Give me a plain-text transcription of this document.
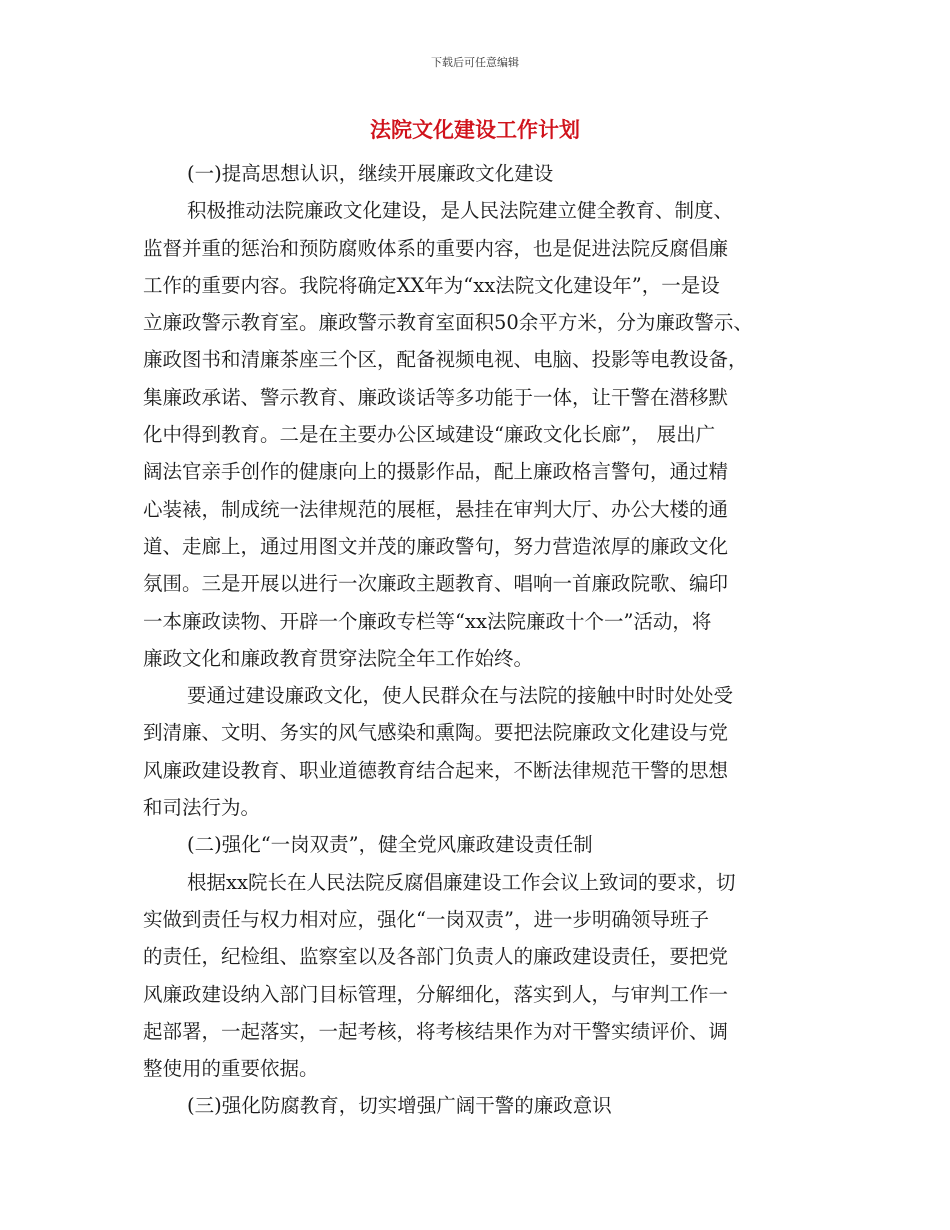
下载后可任意编辑
法院文化建设工作计划
(一)提高思想认识，继续开展廉政文化建设
积极推动法院廉政文化建设，是人民法院建立健全教育、制度、
监督并重的惩治和预防腐败体系的重要内容，也是促进法院反腐倡廉
工作的重要内容。我院将确定XX年为“xx法院文化建设年”，一是设
立廉政警示教育室。廉政警示教育室面积50余平方米，分为廉政警示、
廉政图书和清廉茶座三个区，配备视频电视、电脑、投影等电教设备，
集廉政承诺、警示教育、廉政谈话等多功能于一体，让干警在潜移默
化中得到教育。二是在主要办公区域建设“廉政文化长廊”， 展出广
阔法官亲手创作的健康向上的摄影作品，配上廉政格言警句，通过精
心装裱，制成统一法律规范的展框，悬挂在审判大厅、办公大楼的通
道、走廊上，通过用图文并茂的廉政警句，努力营造浓厚的廉政文化
氛围。三是开展以进行一次廉政主题教育、唱响一首廉政院歌、编印
一本廉政读物、开辟一个廉政专栏等“xx法院廉政十个一”活动，将
廉政文化和廉政教育贯穿法院全年工作始终。
要通过建设廉政文化，使人民群众在与法院的接触中时时处处受
到清廉、文明、务实的风气感染和熏陶。要把法院廉政文化建设与党
风廉政建设教育、职业道德教育结合起来，不断法律规范干警的思想
和司法行为。
(二)强化“一岗双责”，健全党风廉政建设责任制
根据xx院长在人民法院反腐倡廉建设工作会议上致词的要求，切
实做到责任与权力相对应，强化“一岗双责”，进一步明确领导班子
的责任，纪检组、监察室以及各部门负责人的廉政建设责任，要把党
风廉政建设纳入部门目标管理，分解细化，落实到人，与审判工作一
起部署，一起落实，一起考核，将考核结果作为对干警实绩评价、调
整使用的重要依据。
(三)强化防腐教育，切实增强广阔干警的廉政意识
